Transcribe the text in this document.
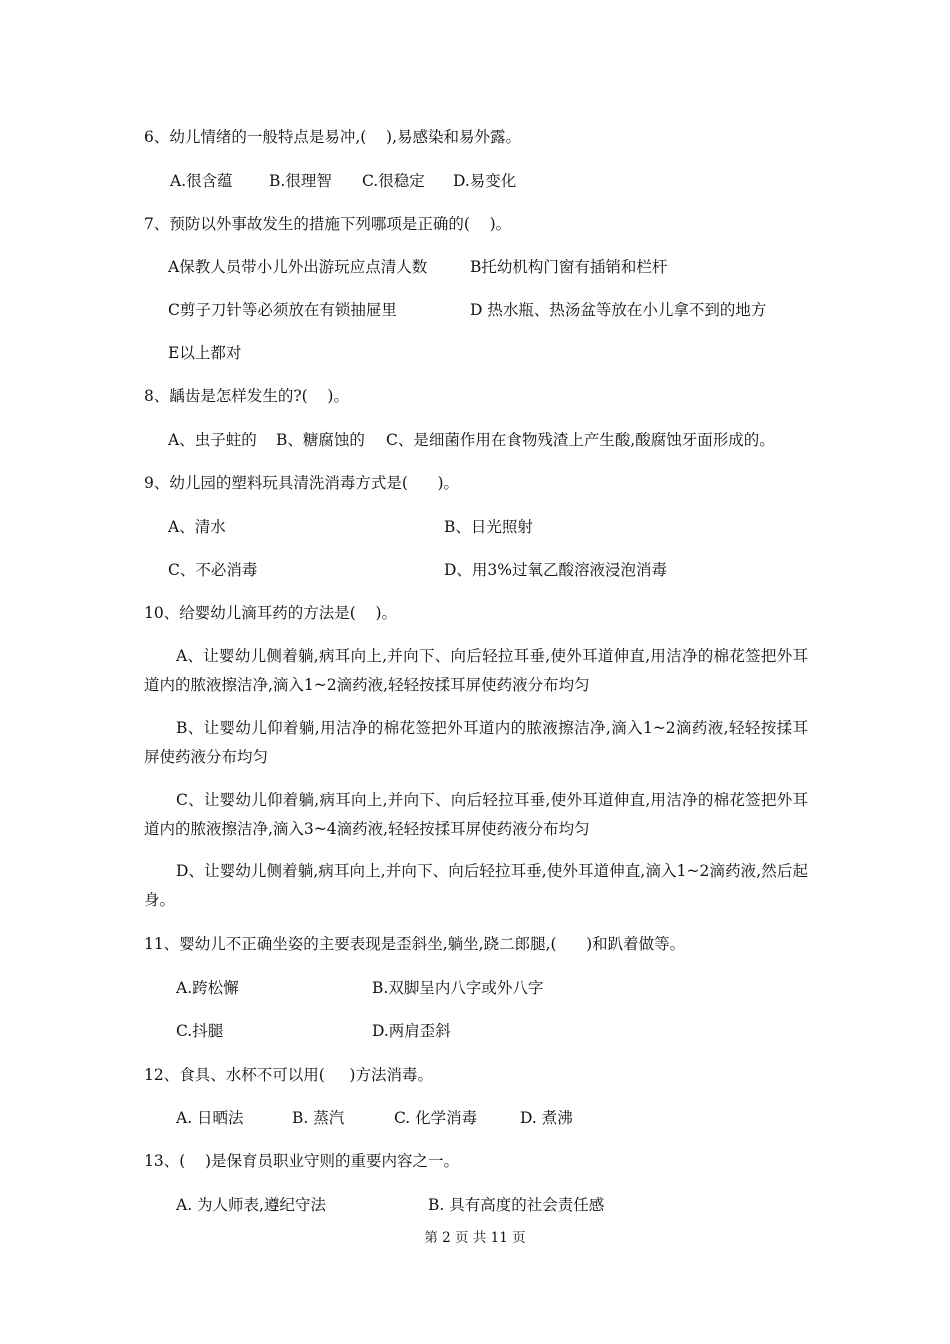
6、幼儿情绪的一般特点是易冲,(    ),易感染和易外露。
A.很含蕴 B.很理智 C.很稳定 D.易变化
7、预防以外事故发生的措施下列哪项是正确的(    )。
A保教人员带小儿外出游玩应点清人数	B托幼机构门窗有插销和栏杆
C剪子刀针等必须放在有锁抽屉里	D 热水瓶、热汤盆等放在小儿拿不到的地方
E以上都对
8、龋齿是怎样发生的?(    )。
A、虫子蛀的 B、糖腐蚀的 C、是细菌作用在食物残渣上产生酸,酸腐蚀牙面形成的。
9、幼儿园的塑料玩具清洗消毒方式是(      )。
A、清水	B、日光照射
C、不必消毒	D、用3%过氧乙酸溶液浸泡消毒
10、给婴幼儿滴耳药的方法是(    )。
A、让婴幼儿侧着躺,病耳向上,并向下、向后轻拉耳垂,使外耳道伸直,用洁净的棉花签把外耳道内的脓液擦洁净,滴入1~2滴药液,轻轻按揉耳屏使药液分布均匀
B、让婴幼儿仰着躺,用洁净的棉花签把外耳道内的脓液擦洁净,滴入1~2滴药液,轻轻按揉耳屏使药液分布均匀
C、让婴幼儿仰着躺,病耳向上,并向下、向后轻拉耳垂,使外耳道伸直,用洁净的棉花签把外耳道内的脓液擦洁净,滴入3~4滴药液,轻轻按揉耳屏使药液分布均匀
D、让婴幼儿侧着躺,病耳向上,并向下、向后轻拉耳垂,使外耳道伸直,滴入1~2滴药液,然后起身。
11、婴幼儿不正确坐姿的主要表现是歪斜坐,躺坐,跷二郎腿,(      )和趴着做等。
A.跨松懈	B.双脚呈内八字或外八字
C.抖腿	D.两肩歪斜
12、食具、水杯不可以用(     )方法消毒。
A. 日晒法	B. 蒸汽	C. 化学消毒	D. 煮沸
13、(    )是保育员职业守则的重要内容之一。
A. 为人师表,遵纪守法	B. 具有高度的社会责任感
第 2 页 共 11 页
